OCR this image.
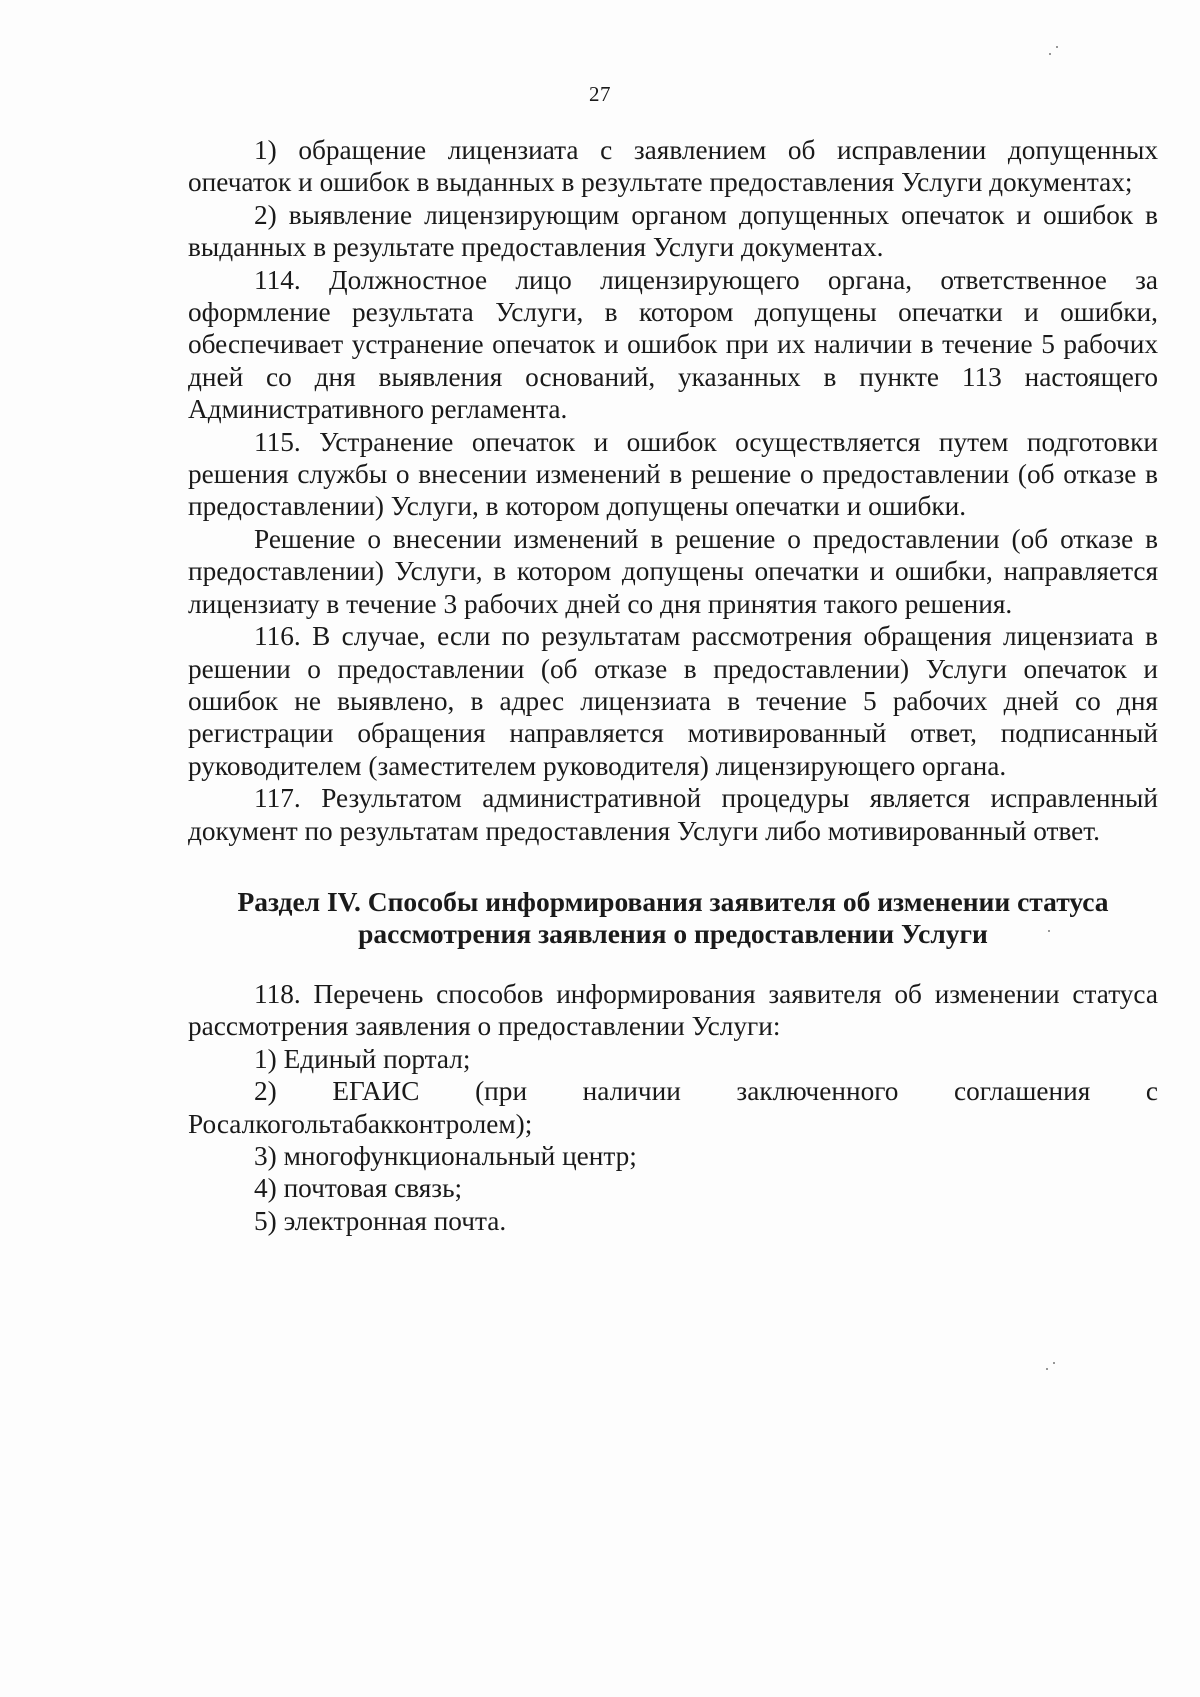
27

1) обращение лицензиата с заявлением об исправлении допущенных опечаток и ошибок в выданных в результате предоставления Услуги документах;

2) выявление лицензирующим органом допущенных опечаток и ошибок в выданных в результате предоставления Услуги документах.

114. Должностное лицо лицензирующего органа, ответственное за оформление результата Услуги, в котором допущены опечатки и ошибки, обеспечивает устранение опечаток и ошибок при их наличии в течение 5 рабочих дней со дня выявления оснований, указанных в пункте 113 настоящего Административного регламента.

115. Устранение опечаток и ошибок осуществляется путем подготовки решения службы о внесении изменений в решение о предоставлении (об отказе в предоставлении) Услуги, в котором допущены опечатки и ошибки.

Решение о внесении изменений в решение о предоставлении (об отказе в предоставлении) Услуги, в котором допущены опечатки и ошибки, направляется лицензиату в течение 3 рабочих дней со дня принятия такого решения.

116. В случае, если по результатам рассмотрения обращения лицензиата в решении о предоставлении (об отказе в предоставлении) Услуги опечаток и ошибок не выявлено, в адрес лицензиата в течение 5 рабочих дней со дня регистрации обращения направляется мотивированный ответ, подписанный руководителем (заместителем руководителя) лицензирующего органа.

117. Результатом административной процедуры является исправленный документ по результатам предоставления Услуги либо мотивированный ответ.

Раздел IV. Способы информирования заявителя об изменении статуса
рассмотрения заявления о предоставлении Услуги

118. Перечень способов информирования заявителя об изменении статуса рассмотрения заявления о предоставлении Услуги:

1) Единый портал;

2) ЕГАИС (при наличии заключенного соглашения с

Росалкогольтабакконтролем);

3) многофункциональный центр;

4) почтовая связь;

5) электронная почта.
